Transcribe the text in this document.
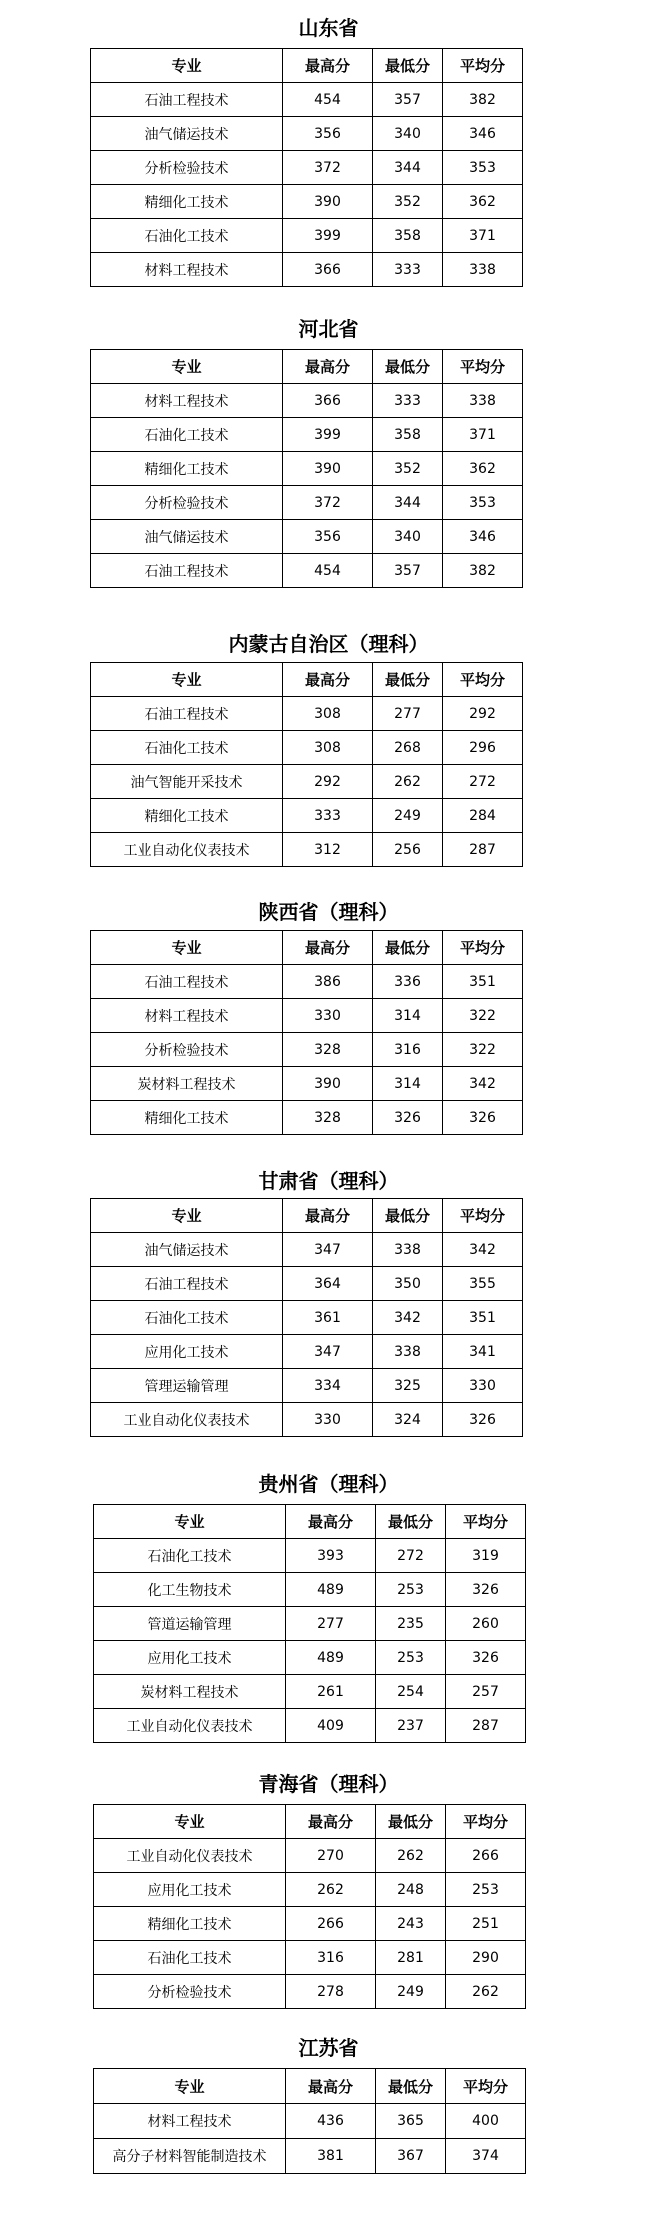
山东省
专业	最高分	最低分	平均分
石油工程技术	454	357	382
油气储运技术	356	340	346
分析检验技术	372	344	353
精细化工技术	390	352	362
石油化工技术	399	358	371
材料工程技术	366	333	338
河北省
专业	最高分	最低分	平均分
材料工程技术	366	333	338
石油化工技术	399	358	371
精细化工技术	390	352	362
分析检验技术	372	344	353
油气储运技术	356	340	346
石油工程技术	454	357	382
内蒙古自治区（理科）
专业	最高分	最低分	平均分
石油工程技术	308	277	292
石油化工技术	308	268	296
油气智能开采技术	292	262	272
精细化工技术	333	249	284
工业自动化仪表技术	312	256	287
陕西省（理科）
专业	最高分	最低分	平均分
石油工程技术	386	336	351
材料工程技术	330	314	322
分析检验技术	328	316	322
炭材料工程技术	390	314	342
精细化工技术	328	326	326
甘肃省（理科）
专业	最高分	最低分	平均分
油气储运技术	347	338	342
石油工程技术	364	350	355
石油化工技术	361	342	351
应用化工技术	347	338	341
管理运输管理	334	325	330
工业自动化仪表技术	330	324	326
贵州省（理科）
专业	最高分	最低分	平均分
石油化工技术	393	272	319
化工生物技术	489	253	326
管道运输管理	277	235	260
应用化工技术	489	253	326
炭材料工程技术	261	254	257
工业自动化仪表技术	409	237	287
青海省（理科）
专业	最高分	最低分	平均分
工业自动化仪表技术	270	262	266
应用化工技术	262	248	253
精细化工技术	266	243	251
石油化工技术	316	281	290
分析检验技术	278	249	262
江苏省
专业	最高分	最低分	平均分
材料工程技术	436	365	400
高分子材料智能制造技术	381	367	374
